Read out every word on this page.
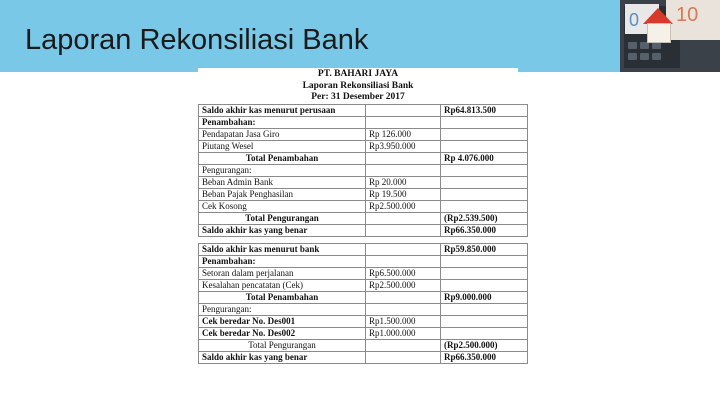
Laporan Rekonsiliasi Bank
0 10
PT. BAHARI JAYA
Laporan Rekonsiliasi Bank
Per: 31 Desember 2017
Saldo akhir kas menurut perusaan		Rp64.813.500
Penambahan:		
Pendapatan Jasa Giro	Rp 126.000	
Piutang Wesel	Rp3.950.000	
Total Penambahan		Rp 4.076.000
Pengurangan:		
Beban Admin Bank	Rp 20.000	
Beban Pajak Penghasilan	Rp 19.500	
Cek Kosong	Rp2.500.000	
Total Pengurangan		(Rp2.539.500)
Saldo akhir kas yang benar		Rp66.350.000

Saldo akhir kas menurut bank		Rp59.850.000
Penambahan:		
Setoran dalam perjalanan	Rp6.500.000	
Kesalahan pencatatan (Cek)	Rp2.500.000	
Total Penambahan		Rp9.000.000
Pengurangan:		
Cek beredar No. Des001	Rp1.500.000	
Cek beredar No. Des002	Rp1.000.000	
Total Pengurangan		(Rp2.500.000)
Saldo akhir kas yang benar		Rp66.350.000
